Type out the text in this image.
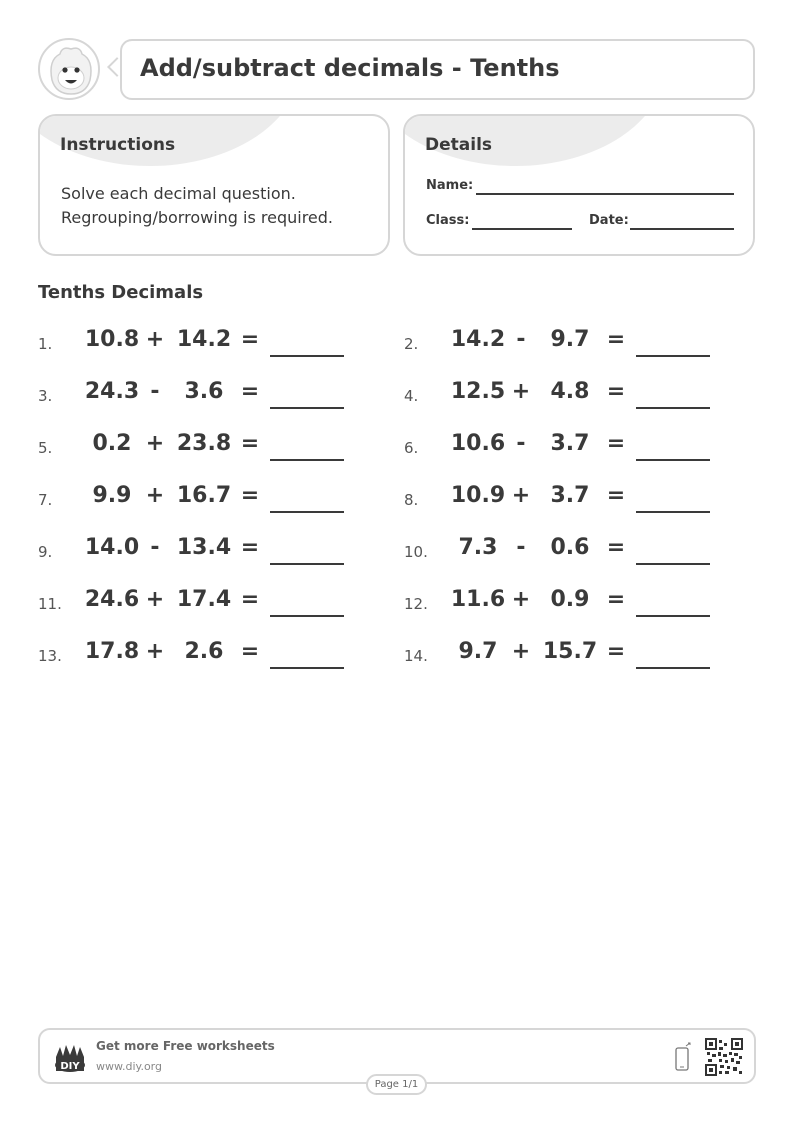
Add/subtract decimals - Tenths
Instructions
Solve each decimal question.
Regrouping/borrowing is required.
Details
Name:
Class:	Date:
Tenths Decimals
1. 10.8 + 14.2 =	2. 14.2 -	9.7 =
3. 24.3 -	3.6 =	4. 12.5 + 4.8 =
5.	0.2 + 23.8 =	6. 10.6 -	3.7 =
7.	9.9 + 16.7 =	8. 10.9 + 3.7 =
9. 14.0 - 13.4 =	10.	7.3 -	0.6 =
11. 24.6 + 17.4 =	12. 11.6 + 0.9 =
13. 17.8 + 2.6 =	14.	9.7 + 15.7 =
DIY
Get more Free worksheets
www.diy.org
Page 1/1
